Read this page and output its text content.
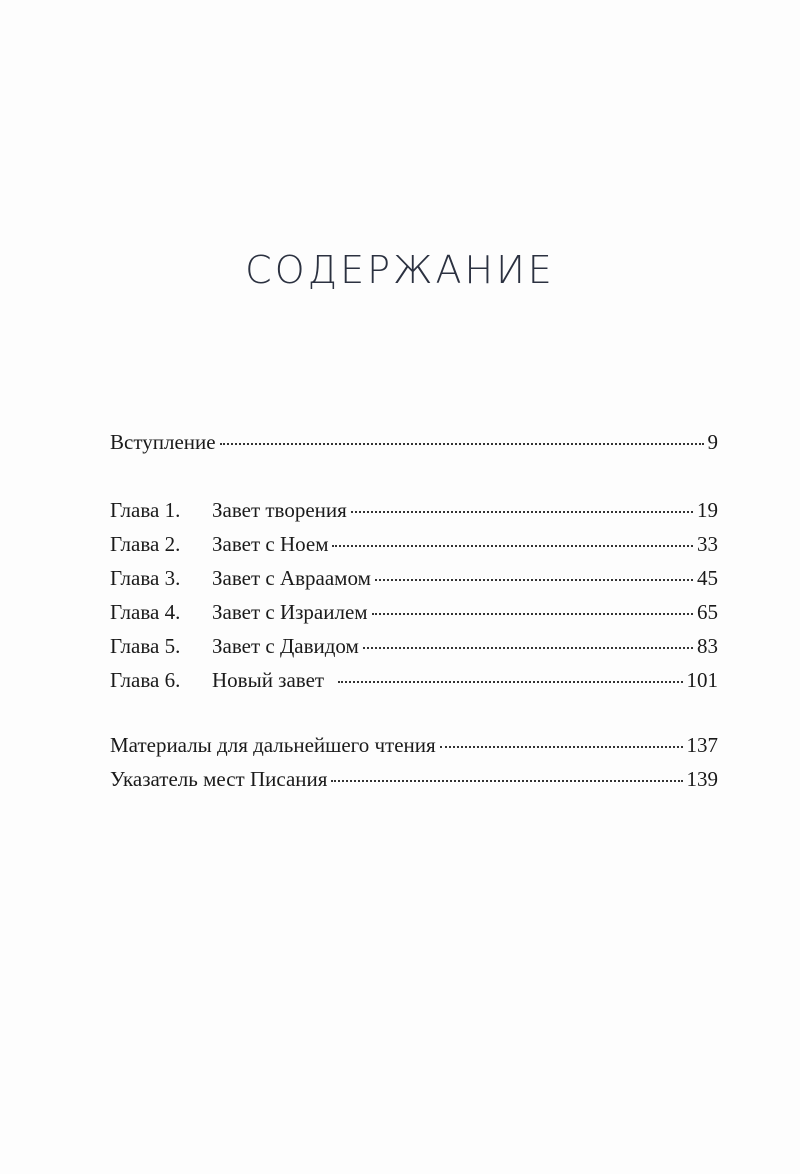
СОДЕРЖАНИЕ
Вступление	9
Глава 1.	Завет творения	19
Глава 2.	Завет с Ноем	33
Глава 3.	Завет с Авраамом	45
Глава 4.	Завет с Израилем	65
Глава 5.	Завет с Давидом	83
Глава 6.	Новый завет	101
Материалы для дальнейшего чтения	137
Указатель мест Писания	139
